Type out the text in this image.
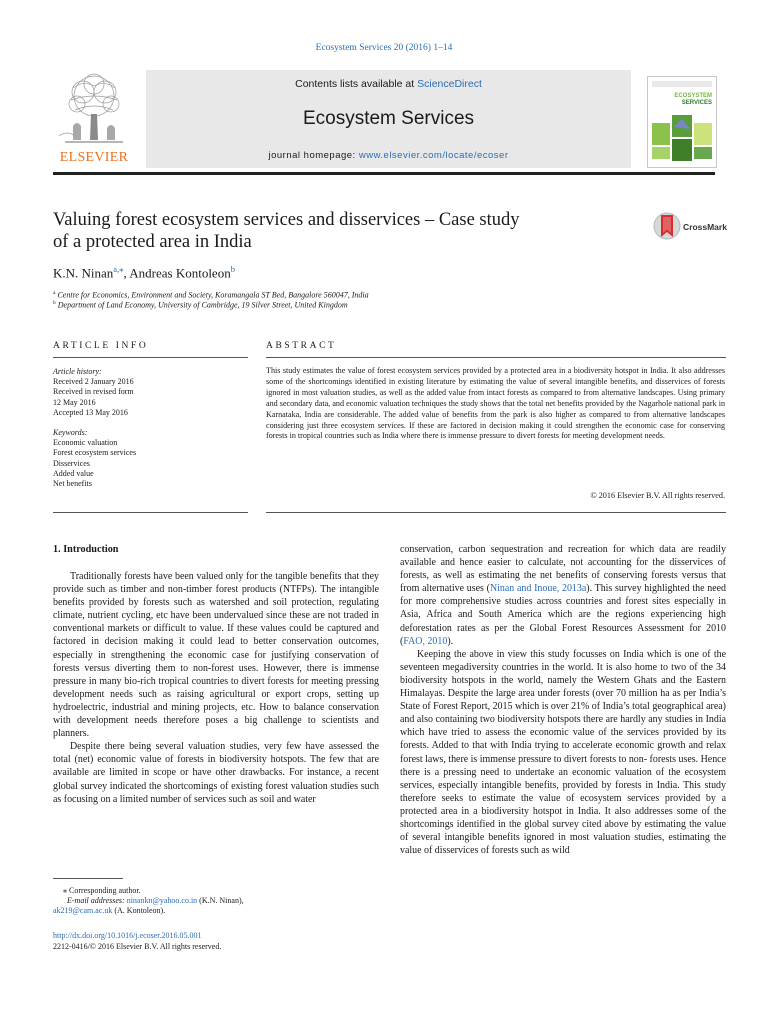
Ecosystem Services 20 (2016) 1–14
ELSEVIER
Contents lists available at ScienceDirect
Ecosystem Services
journal homepage: www.elsevier.com/locate/ecoser
ECOSYSTEM
SERVICES
Valuing forest ecosystem services and disservices – Case study
of a protected area in India
CrossMark
K.N. Ninan$^{a,⁎}$, Andreas Kontoleon$^b$
$^a$ Centre for Economics, Environment and Society, Koramangala ST Bed, Bangalore 560047, India
$^b$ Department of Land Economy, University of Cambridge, 19 Silver Street, United Kingdom
ARTICLE INFO	ABSTRACT
Article history:
Received 2 January 2016
Received in revised form
12 May 2016
Accepted 13 May 2016
Keywords:
Economic valuation
Forest ecosystem services
Disservices
Added value
Net benefits
This study estimates the value of forest ecosystem services provided by a protected area in a biodiversity hotspot in India. It also addresses some of the shortcomings identified in existing literature by estimating the value of several intangible benefits, and disservices of forests ignored in most valuation studies, as well as the added value from intact forests as compared to from alternative landscapes. Using primary and secondary data, and economic valuation techniques the study shows that the total net benefits provided by the Nagarhole national park in Karnataka, India are considerable. The added value of benefits from the park is also higher as compared to from alternative landscapes considering just three ecosystem services. If these are factored in decision making it could strengthen the economic case for conserving forests in tropical countries such as India where there is immense pressure to divert forests for meeting development needs.
© 2016 Elsevier B.V. All rights reserved.
1. Introduction

Traditionally forests have been valued only for the tangible benefits that they provide such as timber and non-timber forest products (NTFPs). The intangible benefits provided by forests such as watershed and soil protection, regulating climate, nutrient cycling, etc have been undervalued since these are not traded in conventional markets or difficult to value. If these values could be captured and factored in decision making it could lead to better conservation outcomes, especially in strengthening the economic case for justifying conservation of forests versus diverting them to non-forest uses. However, there is immense pressure in many bio-rich tropical countries to divert forests for meeting pressing development needs such as raising agricultural or export crops, setting up hydroelectric, industrial and mining projects, etc. How to balance conservation with development needs therefore poses a big challenge to scientists and planners.

Despite there being several valuation studies, very few have assessed the total (net) economic value of forests in biodiversity hotspots. The few that are available are limited in scope or have other drawbacks. For instance, a recent global survey indicated the shortcomings of existing forest valuation studies such as focusing on a limited number of services such as soil and water

conservation, carbon sequestration and recreation for which data are readily available and hence easier to calculate, not accounting for the disservices of forests, as well as estimating the net benefits of conserving forests versus that from alternative uses (Ninan and Inoue, 2013a). This survey highlighted the need for more comprehensive studies across countries and forest sites especially in Asia, Africa and South America which are the regions experiencing high deforestation rates as per the Global Forest Resources Assessment for 2010 (FAO, 2010).

Keeping the above in view this study focusses on India which is one of the seventeen megadiversity countries in the world. It is also home to two of the 34 biodiversity hotspots in the world, namely the Western Ghats and the Eastern Himalayas. Despite the large area under forests (over 70 million ha as per India’s State of Forest Report, 2015 which is over 21% of India’s total geographical area) and also containing two biodiversity hotspots there are hardly any studies in India which have tried to assess the economic value of the services provided by its forests. Added to that with India trying to accelerate economic growth and relax forest laws, there is immense pressure to divert forests to non- forests uses. Hence there is a pressing need to undertake an economic valuation of the ecosystem services, especially intangible benefits, provided by forests in India. This study therefore seeks to estimate the value of ecosystem services provided by a protected area in a biodiversity hotspot in India. It also addresses some of the shortcomings identified in the global survey cited above by estimating the value of several intangible benefits ignored in most valuation studies, estimating the value of disservices of forests such as wild

⁎ Corresponding author.
E-mail addresses: ninankn@yahoo.co.in (K.N. Ninan),
ak219@cam.ac.uk (A. Kontoleon).
http://dx.doi.org/10.1016/j.ecoser.2016.05.001
2212-0416/© 2016 Elsevier B.V. All rights reserved.
